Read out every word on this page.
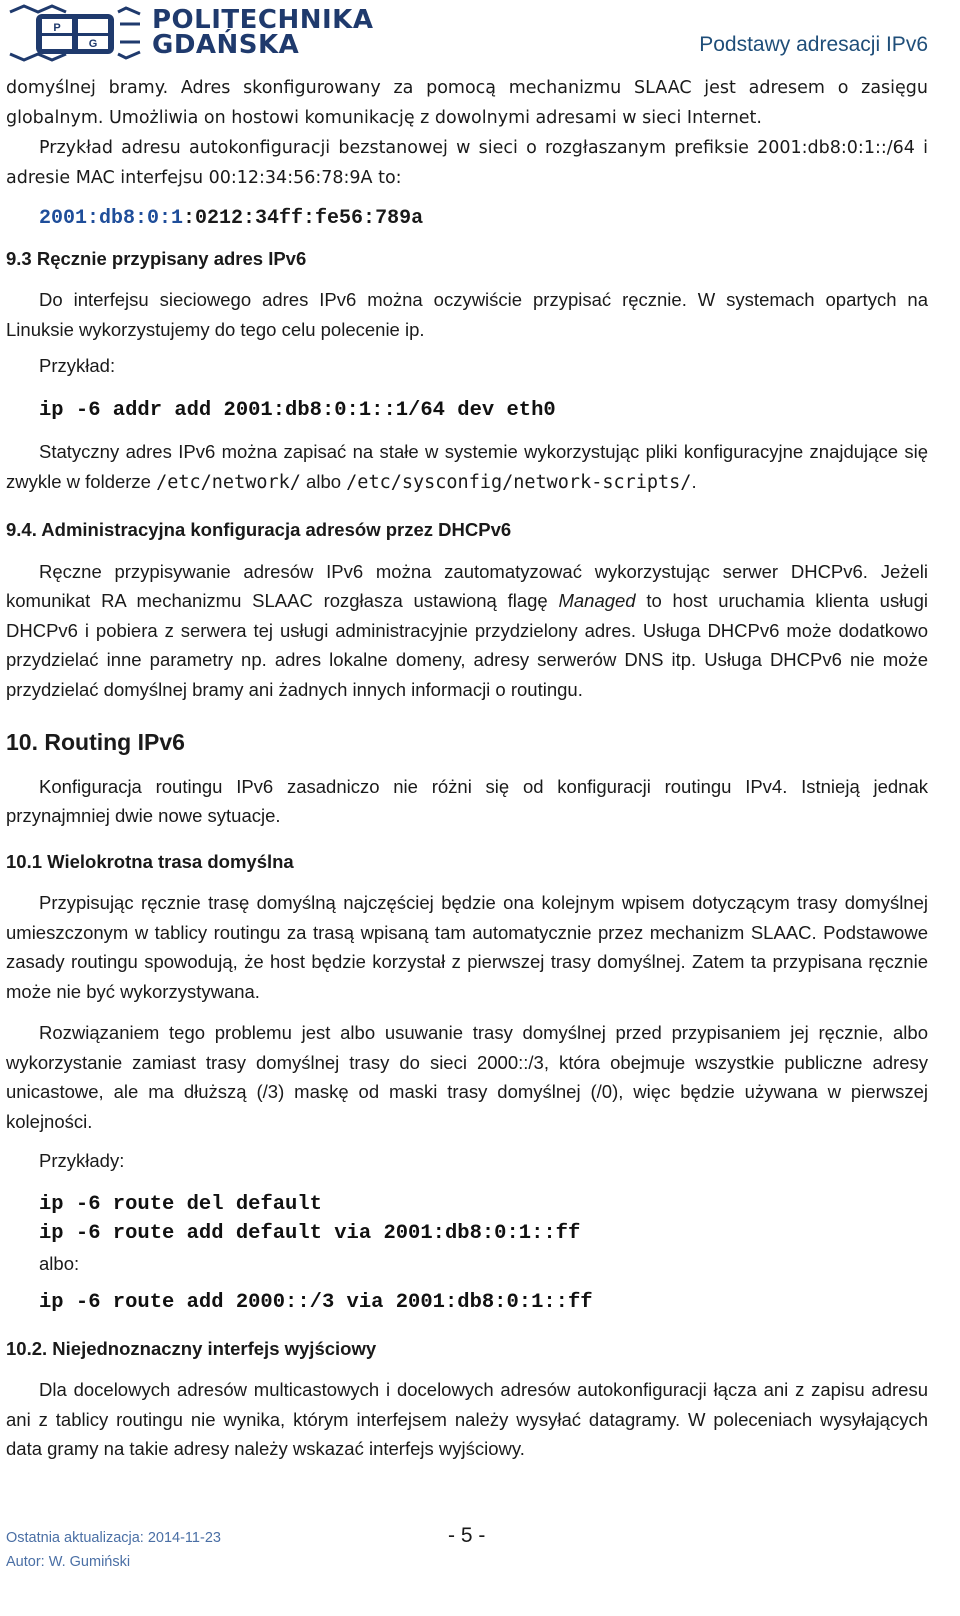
P
G
POLITECHNIKA
GDAŃSKA	Podstawy adresacji IPv6

domyślnej bramy. Adres skonfigurowany za pomocą mechanizmu SLAAC jest adresem o zasięgu globalnym. Umożliwia on hostowi komunikację z dowolnymi adresami w sieci Internet.

Przykład adresu autokonfiguracji bezstanowej w sieci o rozgłaszanym prefiksie 2001:db8:0:1::/64 i adresie MAC interfejsu 00:12:34:56:78:9A to:

2001:db8:0:1:0212:34ff:fe56:789a

9.3 Ręcznie przypisany adres IPv6

Do interfejsu sieciowego adres IPv6 można oczywiście przypisać ręcznie. W systemach opartych na Linuksie wykorzystujemy do tego celu polecenie ip.

Przykład:

ip -6 addr add 2001:db8:0:1::1/64 dev eth0

Statyczny adres IPv6 można zapisać na stałe w systemie wykorzystując pliki konfiguracyjne znajdujące się zwykle w folderze /etc/network/ albo /etc/sysconfig/network-scripts/.

9.4. Administracyjna konfiguracja adresów przez DHCPv6

Ręczne przypisywanie adresów IPv6 można zautomatyzować wykorzystując serwer DHCPv6. Jeżeli komunikat RA mechanizmu SLAAC rozgłasza ustawioną flagę Managed to host uruchamia klienta usługi DHCPv6 i pobiera z serwera tej usługi administracyjnie przydzielony adres. Usługa DHCPv6 może dodatkowo przydzielać inne parametry np. adres lokalne domeny, adresy serwerów DNS itp. Usługa DHCPv6 nie może przydzielać domyślnej bramy ani żadnych innych informacji o routingu.

10. Routing IPv6

Konfiguracja routingu IPv6 zasadniczo nie różni się od konfiguracji routingu IPv4. Istnieją jednak przynajmniej dwie nowe sytuacje.

10.1 Wielokrotna trasa domyślna

Przypisując ręcznie trasę domyślną najczęściej będzie ona kolejnym wpisem dotyczącym trasy domyślnej umieszczonym w tablicy routingu za trasą wpisaną tam automatycznie przez mechanizm SLAAC. Podstawowe zasady routingu spowodują, że host będzie korzystał z pierwszej trasy domyślnej. Zatem ta przypisana ręcznie może nie być wykorzystywana.

Rozwiązaniem tego problemu jest albo usuwanie trasy domyślnej przed przypisaniem jej ręcznie, albo wykorzystanie zamiast trasy domyślnej trasy do sieci 2000::/3, która obejmuje wszystkie publiczne adresy unicastowe, ale ma dłuższą (/3) maskę od maski trasy domyślnej (/0), więc będzie używana w pierwszej kolejności.

Przykłady:

ip -6 route del default

ip -6 route add default via 2001:db8:0:1::ff

albo:

ip -6 route add 2000::/3 via 2001:db8:0:1::ff

10.2. Niejednoznaczny interfejs wyjściowy

Dla docelowych adresów multicastowych i docelowych adresów autokonfiguracji łącza ani z zapisu adresu ani z tablicy routingu nie wynika, którym interfejsem należy wysyłać datagramy. W poleceniach wysyłających data gramy na takie adresy należy wskazać interfejs wyjściowy.

Ostatnia aktualizacja: 2014-11-23
Autor: W. Gumiński
- 5 -
